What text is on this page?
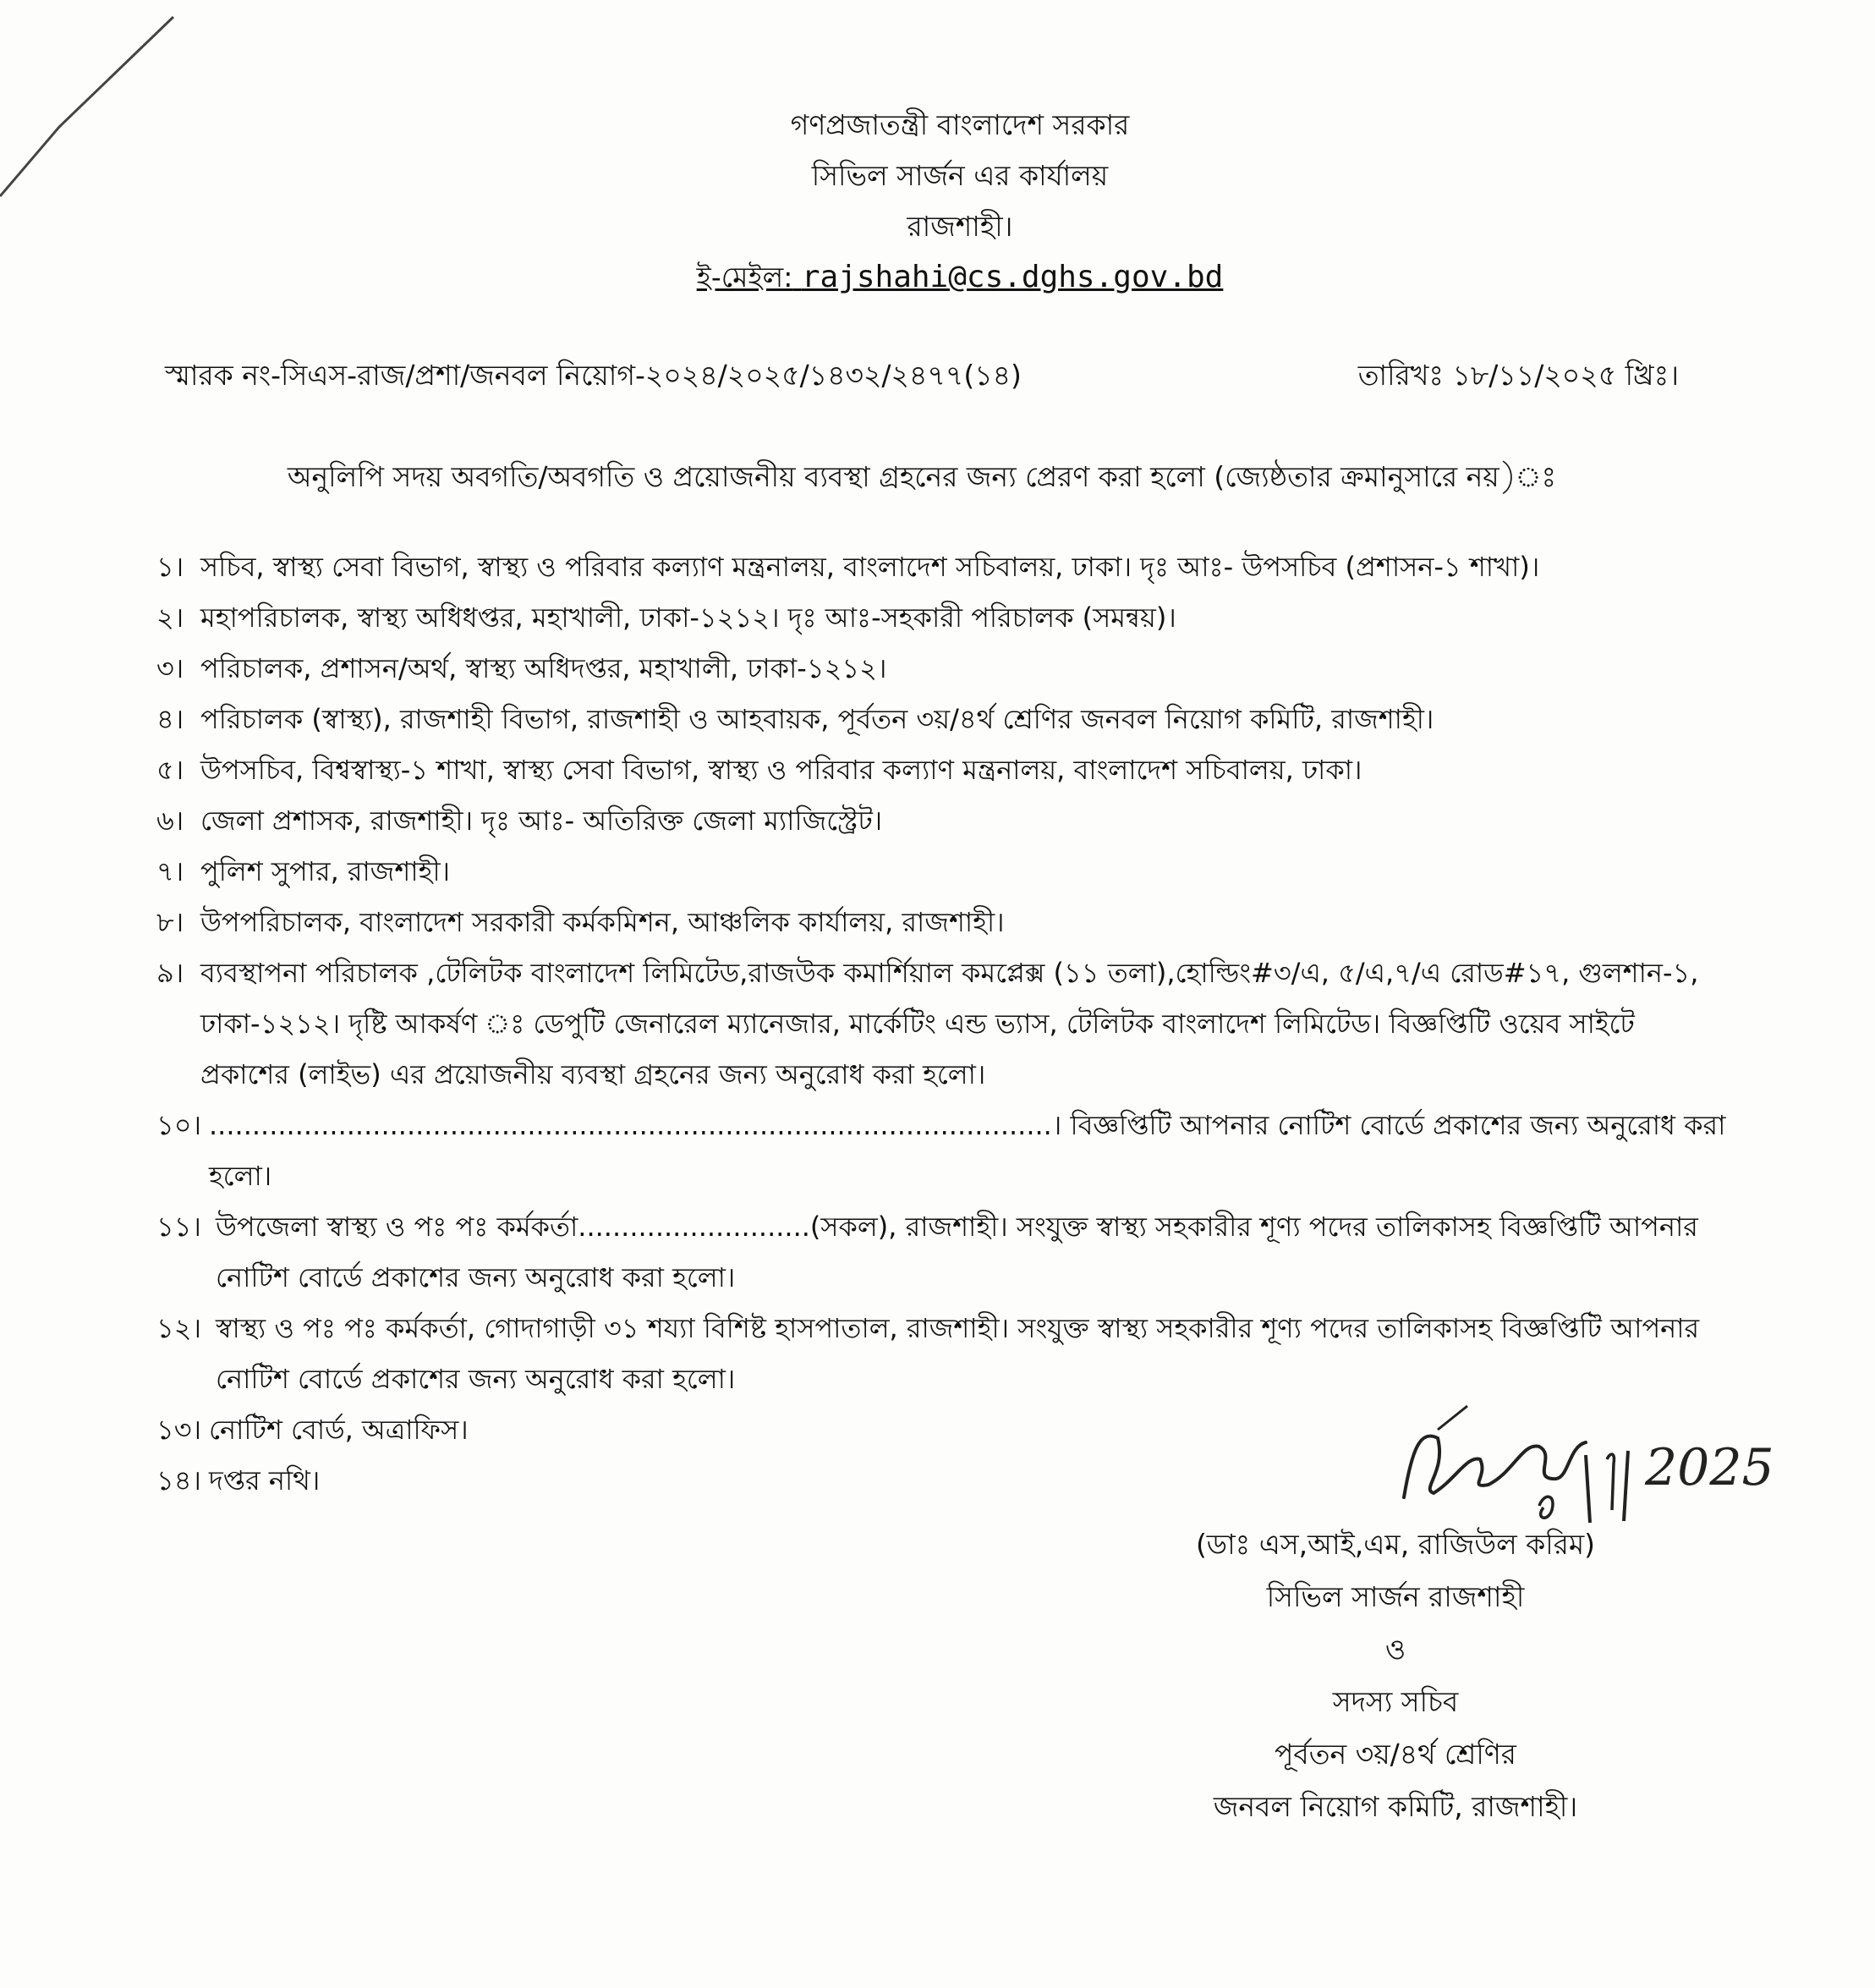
গণপ্রজাতন্ত্রী বাংলাদেশ সরকার
সিভিল সার্জন এর কার্যালয়
রাজশাহী।
ই-মেইল: rajshahi@cs.dghs.gov.bd
স্মারক নং-সিএস-রাজ/প্রশা/জনবল নিয়োগ-২০২৪/২০২৫/১৪৩২/২৪৭৭(১৪)	তারিখঃ ১৮/১১/২০২৫ খ্রিঃ।
অনুলিপি সদয় অবগতি/অবগতি ও প্রয়োজনীয় ব্যবস্থা গ্রহনের জন্য প্রেরণ করা হলো (জ্যেষ্ঠতার ক্রমানুসারে নয়)ঃ
১। সচিব, স্বাস্থ্য সেবা বিভাগ, স্বাস্থ্য ও পরিবার কল্যাণ মন্ত্রনালয়, বাংলাদেশ সচিবালয়, ঢাকা। দৃঃ আঃ- উপসচিব (প্রশাসন-১ শাখা)।
২। মহাপরিচালক, স্বাস্থ্য অধিধপ্তর, মহাখালী, ঢাকা-১২১২। দৃঃ আঃ-সহকারী পরিচালক (সমন্বয়)।
৩। পরিচালক, প্রশাসন/অর্থ, স্বাস্থ্য অধিদপ্তর, মহাখালী, ঢাকা-১২১২।
৪। পরিচালক (স্বাস্থ্য), রাজশাহী বিভাগ, রাজশাহী ও আহবায়ক, পূর্বতন ৩য়/৪র্থ শ্রেণির জনবল নিয়োগ কমিটি, রাজশাহী।
৫। উপসচিব, বিশ্বস্বাস্থ্য-১ শাখা, স্বাস্থ্য সেবা বিভাগ, স্বাস্থ্য ও পরিবার কল্যাণ মন্ত্রনালয়, বাংলাদেশ সচিবালয়, ঢাকা।
৬। জেলা প্রশাসক, রাজশাহী। দৃঃ আঃ- অতিরিক্ত জেলা ম্যাজিস্ট্রেট।
৭। পুলিশ সুপার, রাজশাহী।
৮। উপপরিচালক, বাংলাদেশ সরকারী কর্মকমিশন, আঞ্চলিক কার্যালয়, রাজশাহী।
৯। ব্যবস্থাপনা পরিচালক ,টেলিটক বাংলাদেশ লিমিটেড,রাজউক কমার্শিয়াল কমপ্লেক্স (১১ তলা),হোল্ডিং#৩/এ, ৫/এ,৭/এ রোড#১৭, গুলশান-১, ঢাকা-১২১২। দৃষ্টি আকর্ষণ ঃ ডেপুটি জেনারেল ম্যানেজার, মার্কেটিং এন্ড ভ্যাস, টেলিটক বাংলাদেশ লিমিটেড। বিজ্ঞপ্তিটি ওয়েব সাইটে প্রকাশের (লাইভ) এর প্রয়োজনীয় ব্যবস্থা গ্রহনের জন্য অনুরোধ করা হলো।
১০। ..................................................................................................। বিজ্ঞপ্তিটি আপনার নোটিশ বোর্ডে প্রকাশের জন্য অনুরোধ করা হলো।
১১। উপজেলা স্বাস্থ্য ও পঃ পঃ কর্মকর্তা...........................(সকল), রাজশাহী। সংযুক্ত স্বাস্থ্য সহকারীর শূণ্য পদের তালিকাসহ বিজ্ঞপ্তিটি আপনার নোটিশ বোর্ডে প্রকাশের জন্য অনুরোধ করা হলো।
১২। স্বাস্থ্য ও পঃ পঃ কর্মকর্তা, গোদাগাড়ী ৩১ শয্যা বিশিষ্ট হাসপাতাল, রাজশাহী। সংযুক্ত স্বাস্থ্য সহকারীর শূণ্য পদের তালিকাসহ বিজ্ঞপ্তিটি আপনার নোটিশ বোর্ডে প্রকাশের জন্য অনুরোধ করা হলো।
১৩। নোটিশ বোর্ড, অত্রাফিস।
১৪। দপ্তর নথি।	2025
(ডাঃ এস,আই,এম, রাজিউল করিম)
সিভিল সার্জন রাজশাহী
ও
সদস্য সচিব
পূর্বতন ৩য়/৪র্থ শ্রেণির
জনবল নিয়োগ কমিটি, রাজশাহী।
